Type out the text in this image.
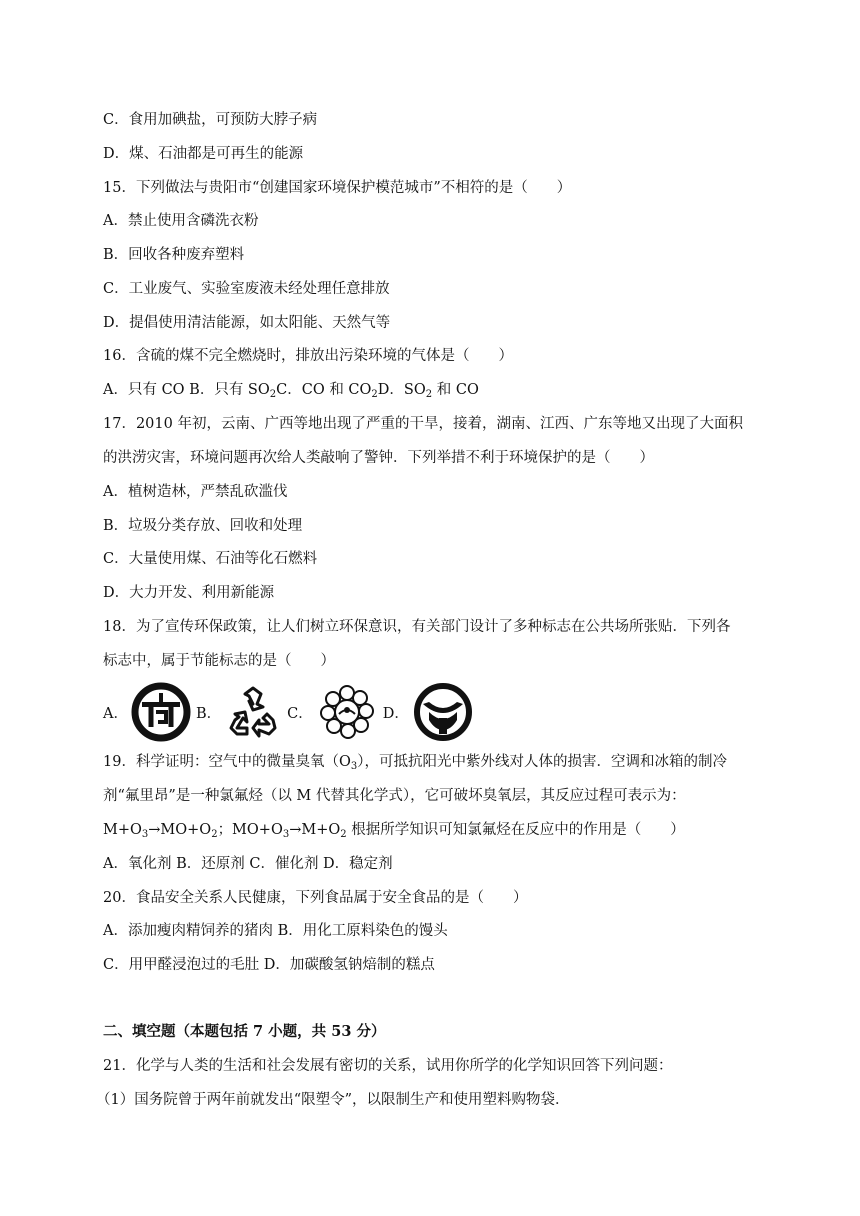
C．食用加碘盐，可预防大脖子病
D．煤、石油都是可再生的能源
15．下列做法与贵阳市“创建国家环境保护模范城市”不相符的是（　　）
A．禁止使用含磷洗衣粉
B．回收各种废弃塑料
C．工业废气、实验室废液未经处理任意排放
D．提倡使用清洁能源，如太阳能、天然气等
16．含硫的煤不完全燃烧时，排放出污染环境的气体是（　　）
A．只有 CO B．只有 $SO_2C$．CO 和 $CO_2D$．$SO_2$ 和 CO
17．2010 年初，云南、广西等地出现了严重的干旱，接着，湖南、江西、广东等地又出现了大面积
的洪涝灾害，环境问题再次给人类敲响了警钟．下列举措不利于环境保护的是（　　）
A．植树造林，严禁乱砍滥伐
B．垃圾分类存放、回收和处理
C．大量使用煤、石油等化石燃料
D．大力开发、利用新能源
18．为了宣传环保政策，让人们树立环保意识，有关部门设计了多种标志在公共场所张贴．下列各
标志中，属于节能标志的是（　　）
A．	B．	C．	D．
19．科学证明：空气中的微量臭氧$(O_3)$，可抵抗阳光中紫外线对人体的损害．空调和冰箱的制冷
剂“氟里昂”是一种氯氟烃（以 M 代替其化学式），它可破坏臭氧层，其反应过程可表示为：
$M+O_3\to MO+O_2$；$MO+O_3\to M+O_2$ 根据所学知识可知氯氟烃在反应中的作用是（　　）
A．氧化剂 B．还原剂 C．催化剂 D．稳定剂
20．食品安全关系人民健康，下列食品属于安全食品的是（　　）
A．添加瘦肉精饲养的猪肉 B．用化工原料染色的馒头
C．用甲醛浸泡过的毛肚 D．加碳酸氢钠焙制的糕点
二、填空题（本题包括 7 小题，共 53 分）
21．化学与人类的生活和社会发展有密切的关系，试用你所学的化学知识回答下列问题：
（1）国务院曾于两年前就发出“限塑令”，以限制生产和使用塑料购物袋．
